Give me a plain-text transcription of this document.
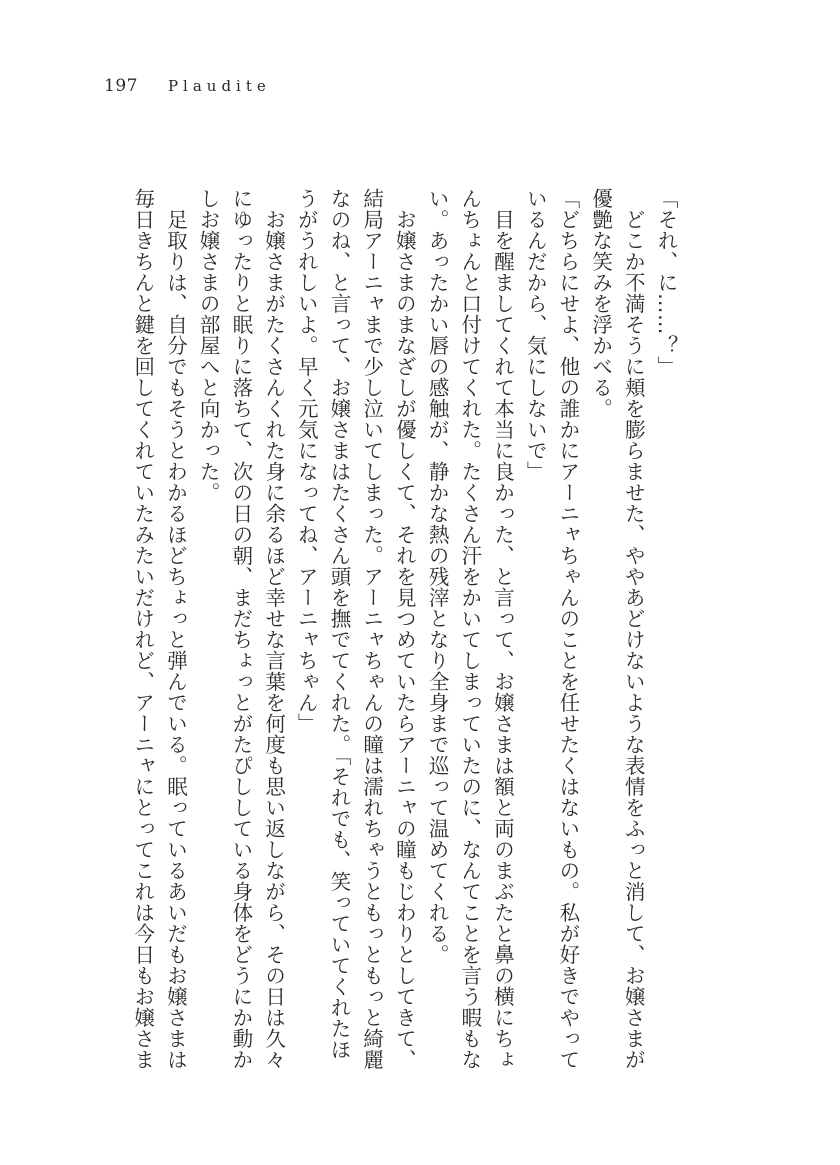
197 Plaudite

「それ、に……？」

　どこか不満そうに頬を膨らませた、ややあどけないような表情をふっと消して、お嬢さまが

優艶な笑みを浮かべる。

「どちらにせよ、他の誰かにアーニャちゃんのことを任せたくはないもの。私が好きでやって

いるんだから、気にしないで」

　目を醒ましてくれて本当に良かった、と言って、お嬢さまは額と両のまぶたと鼻の横にちょ

んちょんと口付けてくれた。たくさん汗をかいてしまっていたのに、なんてことを言う暇もな

い。あったかい唇の感触が、静かな熱の残滓となり全身まで巡って温めてくれる。

　お嬢さまのまなざしが優しくて、それを見つめていたらアーニャの瞳もじわりとしてきて、

結局アーニャまで少し泣いてしまった。アーニャちゃんの瞳は濡れちゃうともっともっと綺麗

なのね、と言って、お嬢さまはたくさん頭を撫でてくれた。「それでも、笑っていてくれたほ

うがうれしいよ。早く元気になってね、アーニャちゃん」

　お嬢さまがたくさんくれた身に余るほど幸せな言葉を何度も思い返しながら、その日は久々

にゆったりと眠りに落ちて、次の日の朝、まだちょっとがたぴししている身体をどうにか動か

しお嬢さまの部屋へと向かった。

　足取りは、自分でもそうとわかるほどちょっと弾んでいる。眠っているあいだもお嬢さまは

毎日きちんと鍵を回してくれていたみたいだけれど、アーニャにとってこれは今日もお嬢さま
